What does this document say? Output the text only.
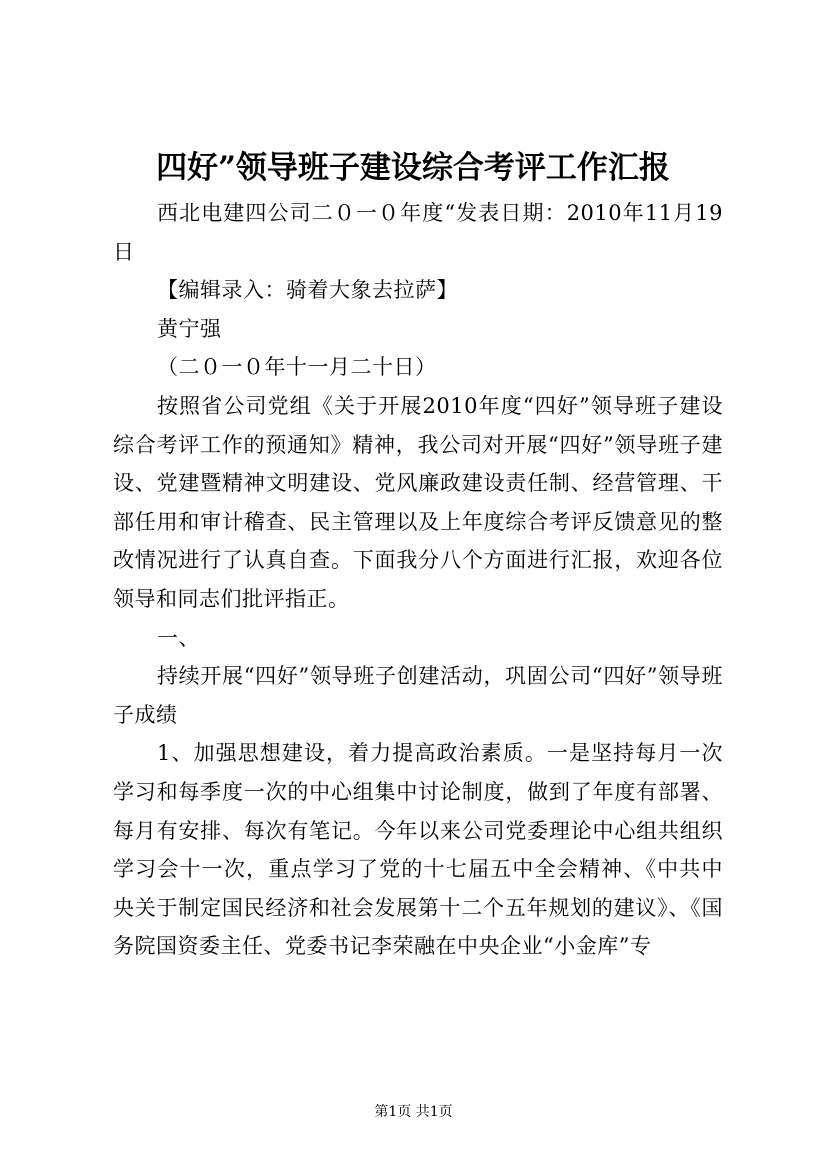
四好”领导班子建设综合考评工作汇报

西北电建四公司二０一０年度“发表日期：2010年11月19日

【编辑录入：骑着大象去拉萨】

黄宁强

（二０一０年十一月二十日）

按照省公司党组《关于开展2010年度“四好”领导班子建设综合考评工作的预通知》精神，我公司对开展“四好”领导班子建设、党建暨精神文明建设、党风廉政建设责任制、经营管理、干部任用和审计稽查、民主管理以及上年度综合考评反馈意见的整改情况进行了认真自查。下面我分八个方面进行汇报，欢迎各位领导和同志们批评指正。

一、

持续开展“四好”领导班子创建活动，巩固公司“四好”领导班子成绩

1、加强思想建设，着力提高政治素质。一是坚持每月一次学习和每季度一次的中心组集中讨论制度，做到了年度有部署、每月有安排、每次有笔记。今年以来公司党委理论中心组共组织学习会十一次，重点学习了党的十七届五中全会精神、《中共中央关于制定国民经济和社会发展第十二个五年规划的建议》、《国务院国资委主任、党委书记李荣融在中央企业“小金库”专

第1页 共1页
